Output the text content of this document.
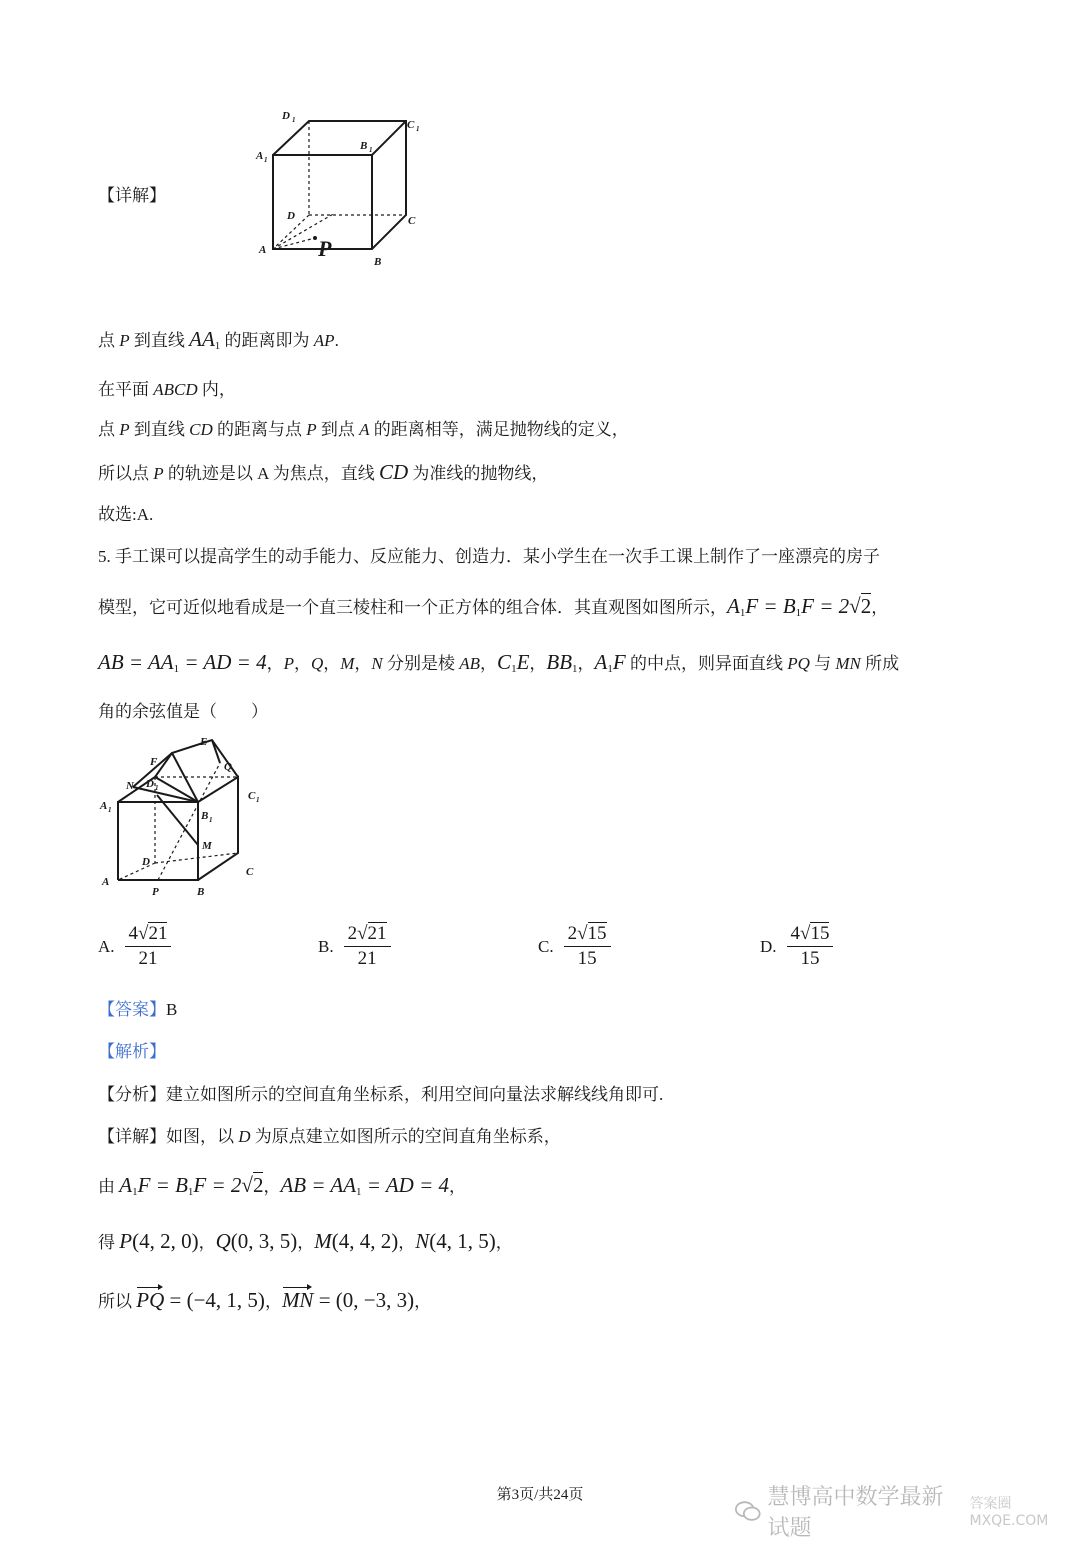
D 1
A 1
B 1
C 1
D	C
A
B
P
【详解】
点 P 到直线 $AA_1$ 的距离即为 AP.
在平面 ABCD 内，
点 P 到直线 CD 的距离与点 P 到点 A 的距离相等，满足抛物线的定义，
所以点 P 的轨迹是以 A 为焦点，直线 CD 为准线的抛物线，
故选:A.
5. 手工课可以提高学生的动手能力、反应能力、创造力．某小学生在一次手工课上制作了一座漂亮的房子
模型，它可近似地看成是一个直三棱柱和一个正方体的组合体．其直观图如图所示，$A_1F = B_1F = 2√2$，
AB = $AA_1$ = AD = 4，P，Q，M，N 分别是棱 AB，$C_1E$，$BB_1$，$A_1F$ 的中点，则异面直线 PQ 与 MN 所成
角的余弦值是（　　）
E
F	Q
N D 1
A 1
C 1
B 1
M
D
C
A
P	B
A. $\frac{4√21}{21}$	B. $\frac{2√21}{21}$	C. $\frac{2√15}{15}$	D. $\frac{4√15}{15}$
【答案】B
【解析】
【分析】建立如图所示的空间直角坐标系，利用空间向量法求解线线角即可.
【详解】如图，以 D 为原点建立如图所示的空间直角坐标系，
由 $A_1F = B_1F = 2√2$，AB = $AA_1$ = AD = 4，
得 P(4, 2, 0)，Q(0, 3, 5)，M(4, 4, 2)，N(4, 1, 5)，
所以 PQ = (−4, 1, 5)，MN = (0, −3, 3)，
慧博高中数学最新试题
答案圈 MXQE.COM
第3页/共24页
